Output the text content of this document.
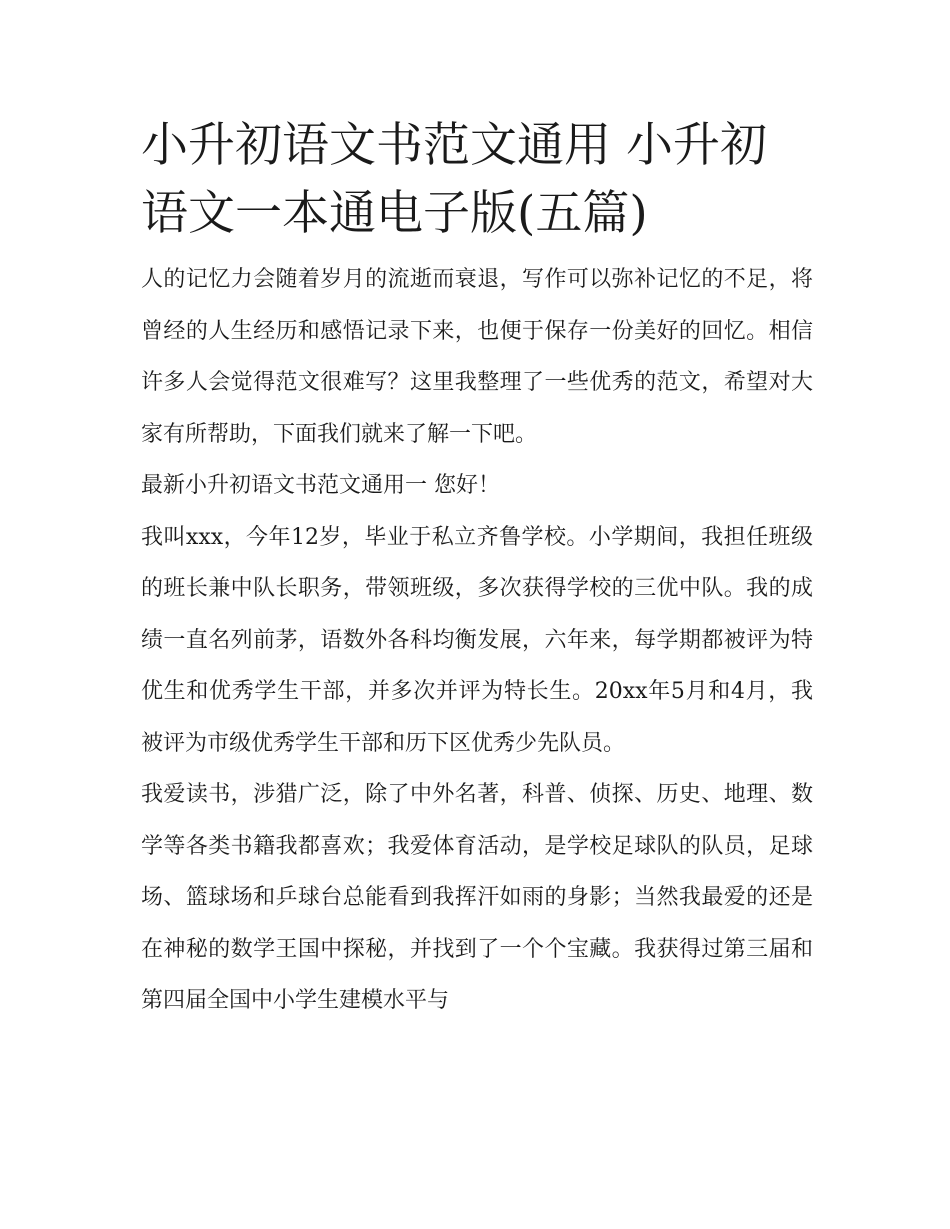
小升初语文书范文通用 小升初语文一本通电子版(五篇)

人的记忆力会随着岁月的流逝而衰退，写作可以弥补记忆的不足，将曾经的人生经历和感悟记录下来，也便于保存一份美好的回忆。相信许多人会觉得范文很难写？这里我整理了一些优秀的范文，希望对大家有所帮助，下面我们就来了解一下吧。

最新小升初语文书范文通用一 您好！

我叫xxx，今年12岁，毕业于私立齐鲁学校。小学期间，我担任班级的班长兼中队长职务，带领班级，多次获得学校的三优中队。我的成绩一直名列前茅，语数外各科均衡发展，六年来，每学期都被评为特优生和优秀学生干部，并多次并评为特长生。20xx年5月和4月，我被评为市级优秀学生干部和历下区优秀少先队员。

我爱读书，涉猎广泛，除了中外名著，科普、侦探、历史、地理、数学等各类书籍我都喜欢；我爱体育活动，是学校足球队的队员，足球场、篮球场和乒球台总能看到我挥汗如雨的身影；当然我最爱的还是在神秘的数学王国中探秘，并找到了一个个宝藏。我获得过第三届和第四届全国中小学生建模水平与
